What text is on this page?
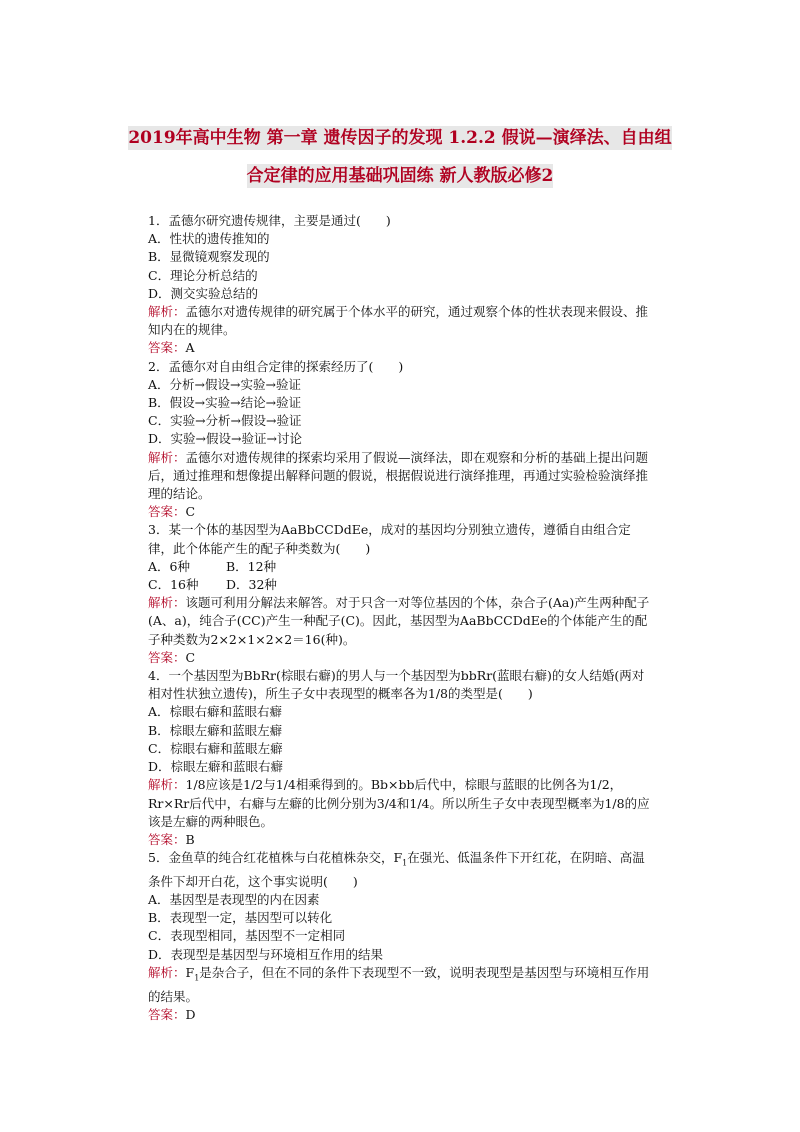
2019年高中生物 第一章 遗传因子的发现 1.2.2 假说—演绎法、自由组
合定律的应用基础巩固练 新人教版必修2

1．孟德尔研究遗传规律，主要是通过(　　)

A．性状的遗传推知的

B．显微镜观察发现的

C．理论分析总结的

D．测交实验总结的

解析：孟德尔对遗传规律的研究属于个体水平的研究，通过观察个体的性状表现来假设、推知内在的规律。

答案：A

2．孟德尔对自由组合定律的探索经历了(　　)

A．分析→假设→实验→验证

B．假设→实验→结论→验证

C．实验→分析→假设→验证

D．实验→假设→验证→讨论

解析：孟德尔对遗传规律的探索均采用了假说—演绎法，即在观察和分析的基础上提出问题后，通过推理和想像提出解释问题的假说，根据假说进行演绎推理，再通过实验检验演绎推理的结论。

答案：C

3．某一个体的基因型为AaBbCCDdEe，成对的基因均分别独立遗传，遵循自由组合定律，此个体能产生的配子种类数为(　　)

A．6种	B．12种

C．16种 D．32种

解析：该题可利用分解法来解答。对于只含一对等位基因的个体，杂合子(Aa)产生两种配子(A、a)，纯合子(CC)产生一种配子(C)。因此，基因型为AaBbCCDdEe的个体能产生的配子种类数为2×2×1×2×2＝16(种)。

答案：C

4．一个基因型为BbRr(棕眼右癖)的男人与一个基因型为bbRr(蓝眼右癖)的女人结婚(两对相对性状独立遗传)，所生子女中表现型的概率各为1/8的类型是(　　)

A．棕眼右癖和蓝眼右癖

B．棕眼左癖和蓝眼左癖

C．棕眼右癖和蓝眼左癖

D．棕眼左癖和蓝眼右癖

解析：1/8应该是1/2与1/4相乘得到的。Bb×bb后代中，棕眼与蓝眼的比例各为1/2，Rr×Rr后代中，右癖与左癖的比例分别为3/4和1/4。所以所生子女中表现型概率为1/8的应该是左癖的两种眼色。

答案：B

5．金鱼草的纯合红花植株与白花植株杂交，$F_1$在强光、低温条件下开红花，在阴暗、高温条件下却开白花，这个事实说明(　　)

A．基因型是表现型的内在因素

B．表现型一定，基因型可以转化

C．表现型相同，基因型不一定相同

D．表现型是基因型与环境相互作用的结果

解析：$F_1$是杂合子，但在不同的条件下表现型不一致，说明表现型是基因型与环境相互作用的结果。

答案：D
